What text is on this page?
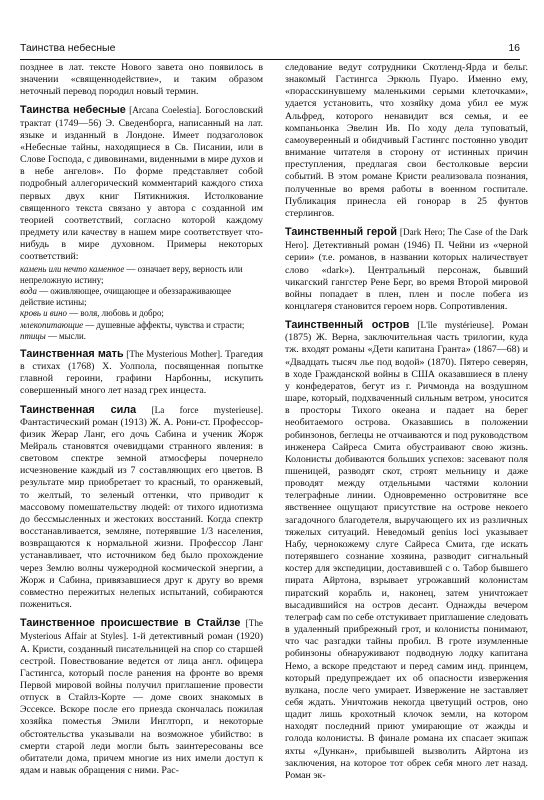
Таинства небесные	16

позднее в лат. тексте Нового завета оно появилось в значении «священнодействие», и таким образом неточный перевод породил новый термин.

Таинства небесные [Arcana Coelestia]. Богословский трактат (1749—56) Э. Сведенборга, написанный на лат. языке и изданный в Лондоне. Имеет подзаголовок «Небесные тайны, находящиеся в Св. Писании, или в Слове Господа, с дивовинами, виденными в мире духов и в небе ангелов». По форме представляет собой подробный аллегорический комментарий каждого стиха первых двух книг Пятикнижия. Истолкование священного текста связано у автора с созданной им теорией соответствий, согласно которой каждому предмету или качеству в нашем мире соответствует что-нибудь в мире духовном. Примеры некоторых соответствий:

камень или нечто каменное — означает веру, верность или непреложную истину;

вода — оживляющее, очищающее и обеззараживающее действие истины;

кровь и вино — воля, любовь и добро;

млекопитающие — душевные аффекты, чувства и страсти;

птицы — мысли.

Таинственная мать [The Mysterious Mother]. Трагедия в стихах (1768) Х. Уолпола, посвященная попытке главной героини, графини Нарбонны, искупить совершенный много лет назад грех инцеста.

Таинственная сила [La force mysterieuse]. Фантастический роман (1913) Ж. А. Рони-ст. Профессор-физик Жерар Ланг, его дочь Сабина и ученик Жорж Мейраль становятся очевидцами странного явления: в световом спектре земной атмосферы почернело исчезновение каждый из 7 составляющих его цветов. В результате мир приобретает то красный, то оранжевый, то желтый, то зеленый оттенки, что приводит к массовому помешательству людей: от тихого идиотизма до бессмысленных и жестоких восстаний. Когда спектр восстанавливается, земляне, потерявшие 1/3 населения, возвращаются к нормальной жизни. Профессор Ланг устанавливает, что источником бед было прохождение через Землю волны чужеродной космической энергии, а Жорж и Сабина, привязавшиеся друг к другу во время совместно пережитых нелепых испытаний, собираются пожениться.

Таинственное происшествие в Стайлзе [The Mysterious Affair at Styles]. 1-й детективный роман (1920) А. Кристи, созданный писательницей на спор со старшей сестрой. Повествование ведется от лица англ. офицера Гастингса, который после ранения на фронте во время Первой мировой войны получил приглашение провести отпуск в Стайлз-Корте — доме своих знакомых в Эссексе. Вскоре после его приезда скончалась пожилая хозяйка поместья Эмили Инглторп, и некоторые обстоятельства указывали на возможное убийство: в смерти старой леди могли быть заинтересованы все обитатели дома, причем многие из них имели доступ к ядам и навык обращения с ними. Рас-

следование ведут сотрудники Скотленд-Ярда и бельг. знакомый Гастингса Эркюль Пуаро. Именно ему, «порасскинувшему маленькими серыми клеточками», удается установить, что хозяйку дома убил ее муж Альфред, которого ненавидит вся семья, и ее компаньонка Эвелин Ив. По ходу дела туповатый, самоуверенный и обидчивый Гастингс постоянно уводит внимание читателя в сторону от истинных причин преступления, предлагая свои бестолковые версии событий. В этом романе Кристи реализовала познания, полученные во время работы в военном госпитале. Публикация принесла ей гонорар в 25 фунтов стерлингов.

Таинственный герой [Dark Hero; The Case of the Dark Hero]. Детективный роман (1946) П. Чейни из «черной серии» (т.е. романов, в названии которых наличествует слово «dark»). Центральный персонаж, бывший чикагский гангстер Рене Берг, во время Второй мировой войны попадает в плен, плен и после побега из концлагеря становится героем норв. Сопротивления.

Таинственный остров [L'île mystérieuse]. Роман (1875) Ж. Верна, заключительная часть трилогии, куда тж. входят романы «Дети капитана Гранта» (1867—68) и «Двадцать тысяч лье под водой» (1870). Пятеро северян, в ходе Гражданской войны в США оказавшиеся в плену у конфедератов, бегут из г. Ричмонда на воздушном шаре, который, подхваченный сильным ветром, уносится в просторы Тихого океана и падает на берег необитаемого острова. Оказавшись в положении робинзонов, беглецы не отчаиваются и под руководством инженера Сайреса Смита обустраивают свою жизнь. Колонисты добиваются больших успехов: засевают поля пшеницей, разводят скот, строят мельницу и даже проводят между отдельными частями колонии телеграфные линии. Одновременно островитяне все явственнее ощущают присутствие на острове некоего загадочного благодетеля, выручающего их из различных тяжелых ситуаций. Неведомый genius loci указывает Набу, чернокожему слуге Сайреса Смита, где искать потерявшего сознание хозяина, разводит сигнальный костер для экспедиции, доставившей с о. Табор бывшего пирата Айртона, взрывает угрожавший колонистам пиратский корабль и, наконец, затем уничтожает высадившийся на остров десант. Однажды вечером телеграф сам по себе отстукивает приглашение следовать в удаленный прибрежный грот, и колонисты понимают, что час разгадки тайны пробил. В гроте изумленные робинзоны обнаруживают подводную лодку капитана Немо, а вскоре предстают и перед самим инд. принцем, который предупреждает их об опасности извержения вулкана, после чего умирает. Извержение не заставляет себя ждать. Уничтожив некогда цветущий остров, оно щадит лишь крохотный клочок земли, на котором находят последний приют умирающие от жажды и голода колонисты. В финале романа их спасает экипаж яхты «Дункан», прибывшей вызволить Айртона из заключения, на которое тот обрек себя много лет назад. Роман эк-
